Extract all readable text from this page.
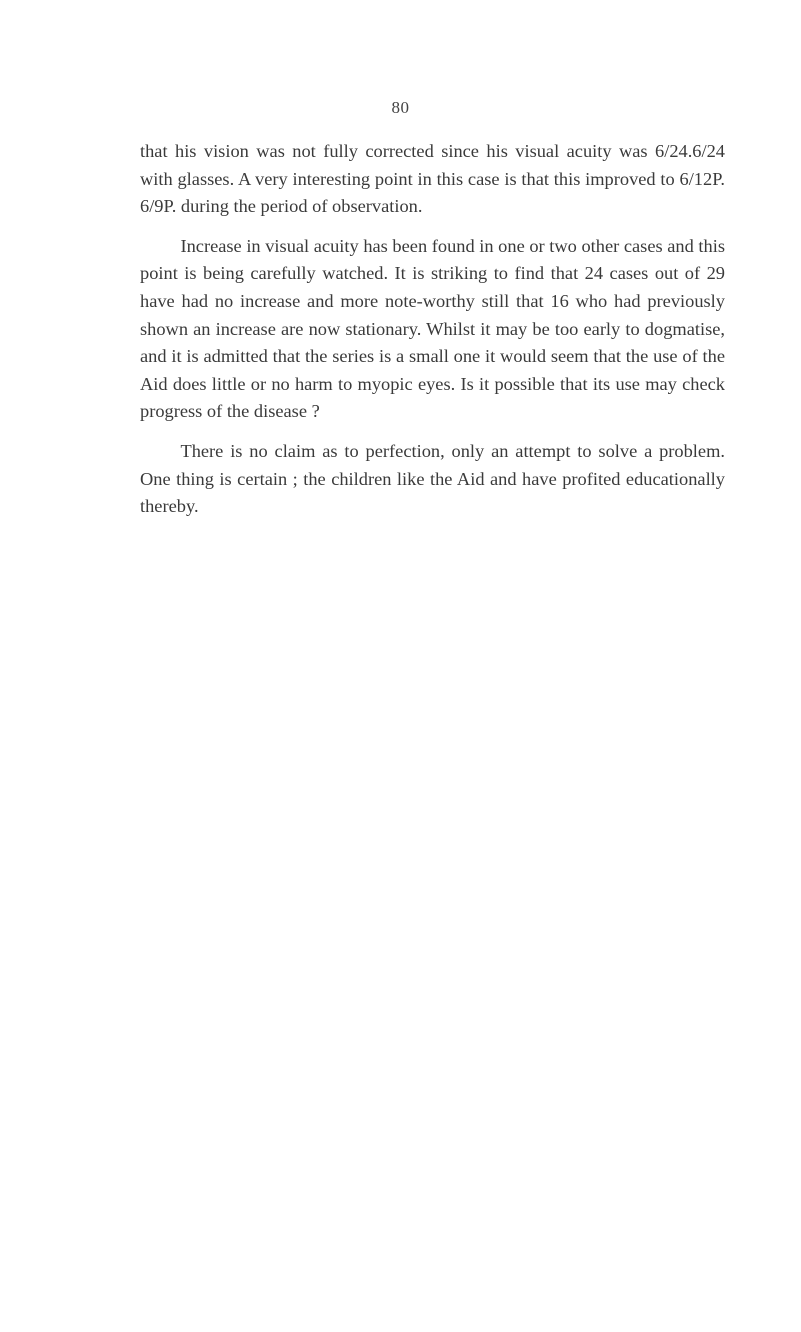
80

that his vision was not fully corrected since his visual acuity was 6/24.6/24 with glasses. A very interesting point in this case is that this improved to 6/12P. 6/9P. during the period of observation.

Increase in visual acuity has been found in one or two other cases and this point is being carefully watched. It is striking to find that 24 cases out of 29 have had no increase and more note-worthy still that 16 who had previously shown an increase are now stationary. Whilst it may be too early to dogmatise, and it is admitted that the series is a small one it would seem that the use of the Aid does little or no harm to myopic eyes. Is it possible that its use may check progress of the disease ?

There is no claim as to perfection, only an attempt to solve a problem. One thing is certain ; the children like the Aid and have profited educationally thereby.
